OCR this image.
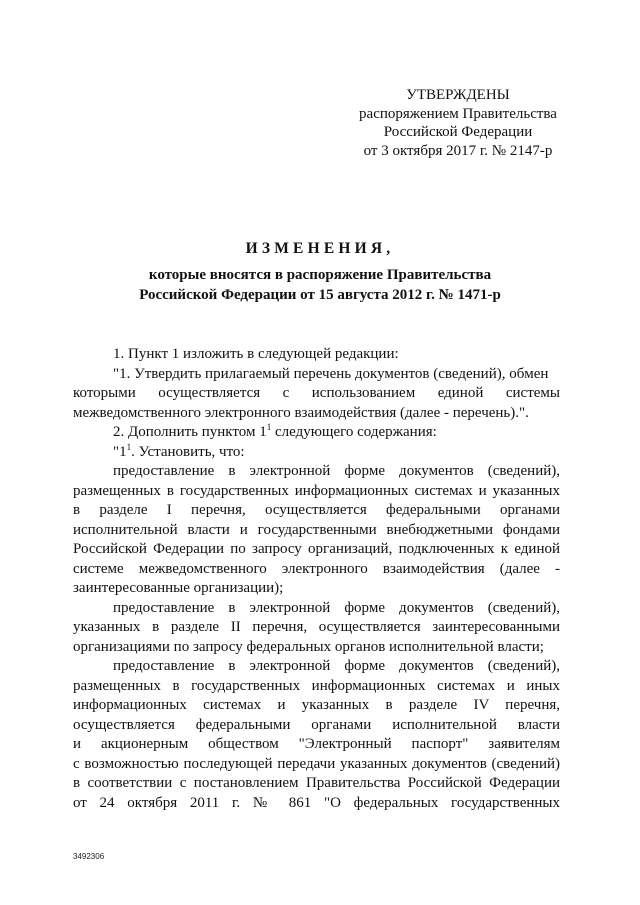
УТВЕРЖДЕНЫ
распоряжением Правительства
Российской Федерации
от 3 октября 2017 г. № 2147-р
ИЗМЕНЕНИЯ,
которые вносятся в распоряжение Правительства
Российской Федерации от 15 августа 2012 г. № 1471-р
1. Пункт 1 изложить в следующей редакции:
"1. Утвердить прилагаемый перечень документов (сведений), обмен
которыми осуществляется с использованием единой системы
межведомственного электронного взаимодействия (далее - перечень).".
2. Дополнить пунктом $1^1$ следующего содержания:
"$1^1$. Установить, что:
предоставление в электронной форме документов (сведений),
размещенных в государственных информационных системах и указанных
в разделе I перечня, осуществляется федеральными органами
исполнительной власти и государственными внебюджетными фондами
Российской Федерации по запросу организаций, подключенных к единой
системе межведомственного электронного взаимодействия (далее -
заинтересованные организации);
предоставление в электронной форме документов (сведений),
указанных в разделе II перечня, осуществляется заинтересованными
организациями по запросу федеральных органов исполнительной власти;
предоставление в электронной форме документов (сведений),
размещенных в государственных информационных системах и иных
информационных системах и указанных в разделе IV перечня,
осуществляется федеральными органами исполнительной власти
и акционерным обществом "Электронный паспорт" заявителям
с возможностью последующей передачи указанных документов (сведений)
в соответствии с постановлением Правительства Российской Федерации
от 24 октября 2011 г. № 861 "О федеральных государственных
3492306
